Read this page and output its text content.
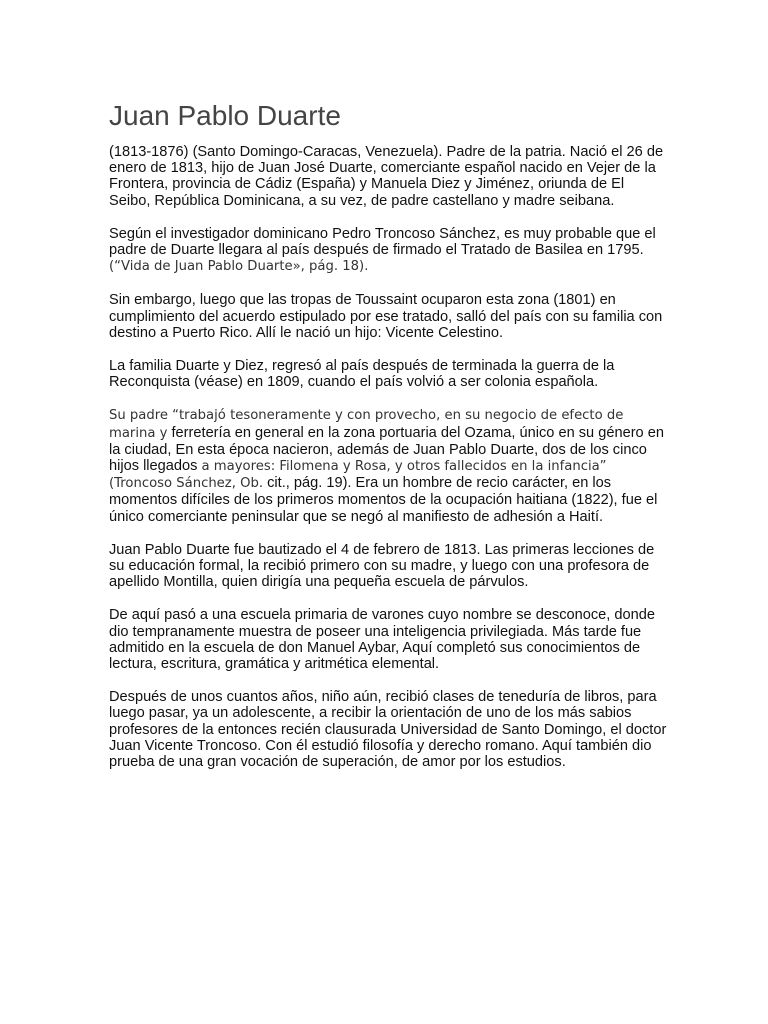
Juan Pablo Duarte

(1813-1876) (Santo Domingo-Caracas, Venezuela). Padre de la patria. Nació el 26 de enero de 1813, hijo de Juan José Duarte, comerciante español nacido en Vejer de la Frontera, provincia de Cádiz (España) y Manuela Diez y Jiménez, oriunda de El Seibo, República Dominicana, a su vez, de padre castellano y madre seibana.

Según el investigador dominicano Pedro Troncoso Sánchez, es muy probable que el padre de Duarte llegara al país después de firmado el Tratado de Basilea en 1795. (“Vida de Juan Pablo Duarte», pág. 18).

Sin embargo, luego que las tropas de Toussaint ocuparon esta zona (1801) en cumplimiento del acuerdo estipulado por ese tratado, salló del país con su familia con destino a Puerto Rico. Allí le nació un hijo: Vicente Celestino.

La familia Duarte y Diez, regresó al país después de terminada la guerra de la Reconquista (véase) en 1809, cuando el país volvió a ser colonia española.

Su padre “trabajó tesoneramente y con provecho, en su negocio de efecto de marina y ferretería en general en la zona portuaria del Ozama, único en su género en la ciudad, En esta época nacieron, además de Juan Pablo Duarte, dos de los cinco hijos llegados a mayores: Filomena y Rosa, y otros fallecidos en la infancia” (Troncoso Sánchez, Ob. cit., pág. 19). Era un hombre de recio carácter, en los momentos difíciles de los primeros momentos de la ocupación haitiana (1822), fue el único comerciante peninsular que se negó al manifiesto de adhesión a Haití.

Juan Pablo Duarte fue bautizado el 4 de febrero de 1813. Las primeras lecciones de su educación formal, la recibió primero con su madre, y luego con una profesora de apellido Montilla, quien dirigía una pequeña escuela de párvulos.

De aquí pasó a una escuela primaria de varones cuyo nombre se desconoce, donde dio tempranamente muestra de poseer una inteligencia privilegiada. Más tarde fue admitido en la escuela de don Manuel Aybar, Aquí completó sus conocimientos de lectura, escritura, gramática y aritmética elemental.

Después de unos cuantos años, niño aún, recibió clases de teneduría de libros, para luego pasar, ya un adolescente, a recibir la orientación de uno de los más sabios profesores de la entonces recién clausurada Universidad de Santo Domingo, el doctor Juan Vicente Troncoso. Con él estudió filosofía y derecho romano. Aquí también dio prueba de una gran vocación de superación, de amor por los estudios.
